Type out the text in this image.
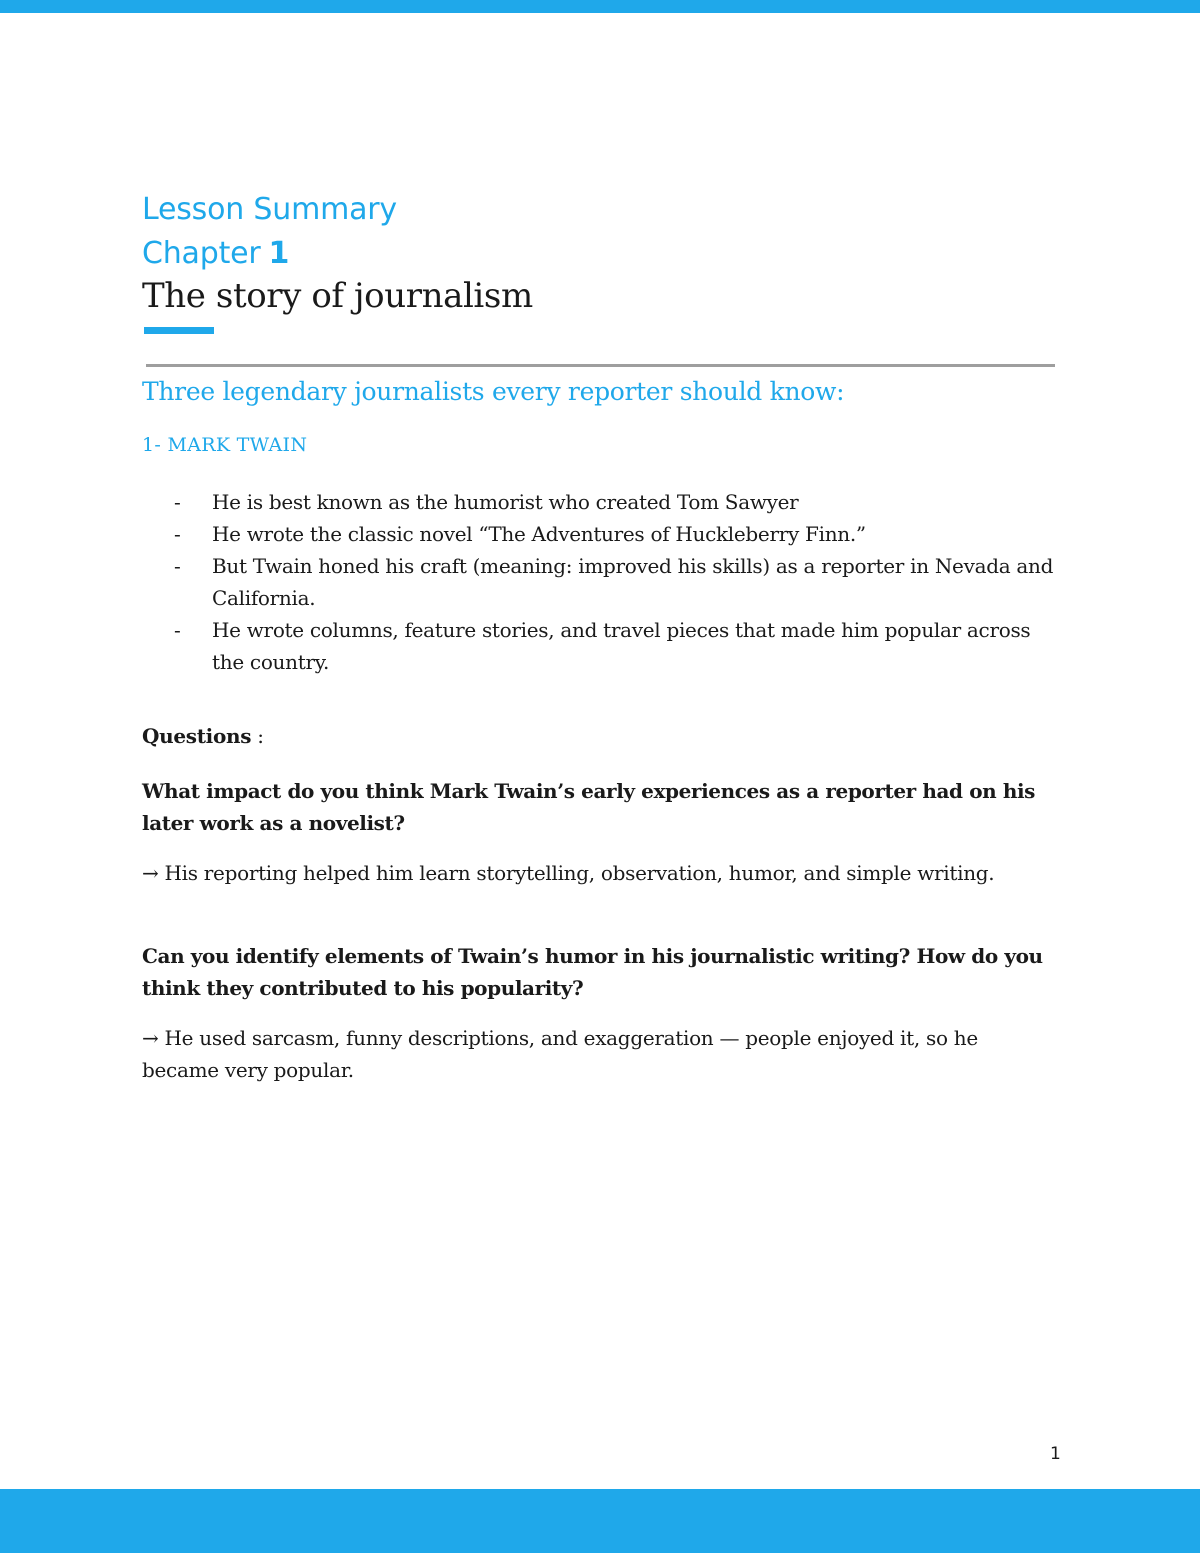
Lesson Summary
Chapter 1
The story of journalism
Three legendary journalists every reporter should know:
1- MARK TWAIN
- He is best known as the humorist who created Tom Sawyer
- He wrote the classic novel “The Adventures of Huckleberry Finn.”
- But Twain honed his craft (meaning: improved his skills) as a reporter in Nevada and California.
- He wrote columns, feature stories, and travel pieces that made him popular across the country.
Questions :
What impact do you think Mark Twain’s early experiences as a reporter had on his later work as a novelist?
→ His reporting helped him learn storytelling, observation, humor, and simple writing.
Can you identify elements of Twain’s humor in his journalistic writing? How do you think they contributed to his popularity?
→ He used sarcasm, funny descriptions, and exaggeration — people enjoyed it, so he became very popular.
1
